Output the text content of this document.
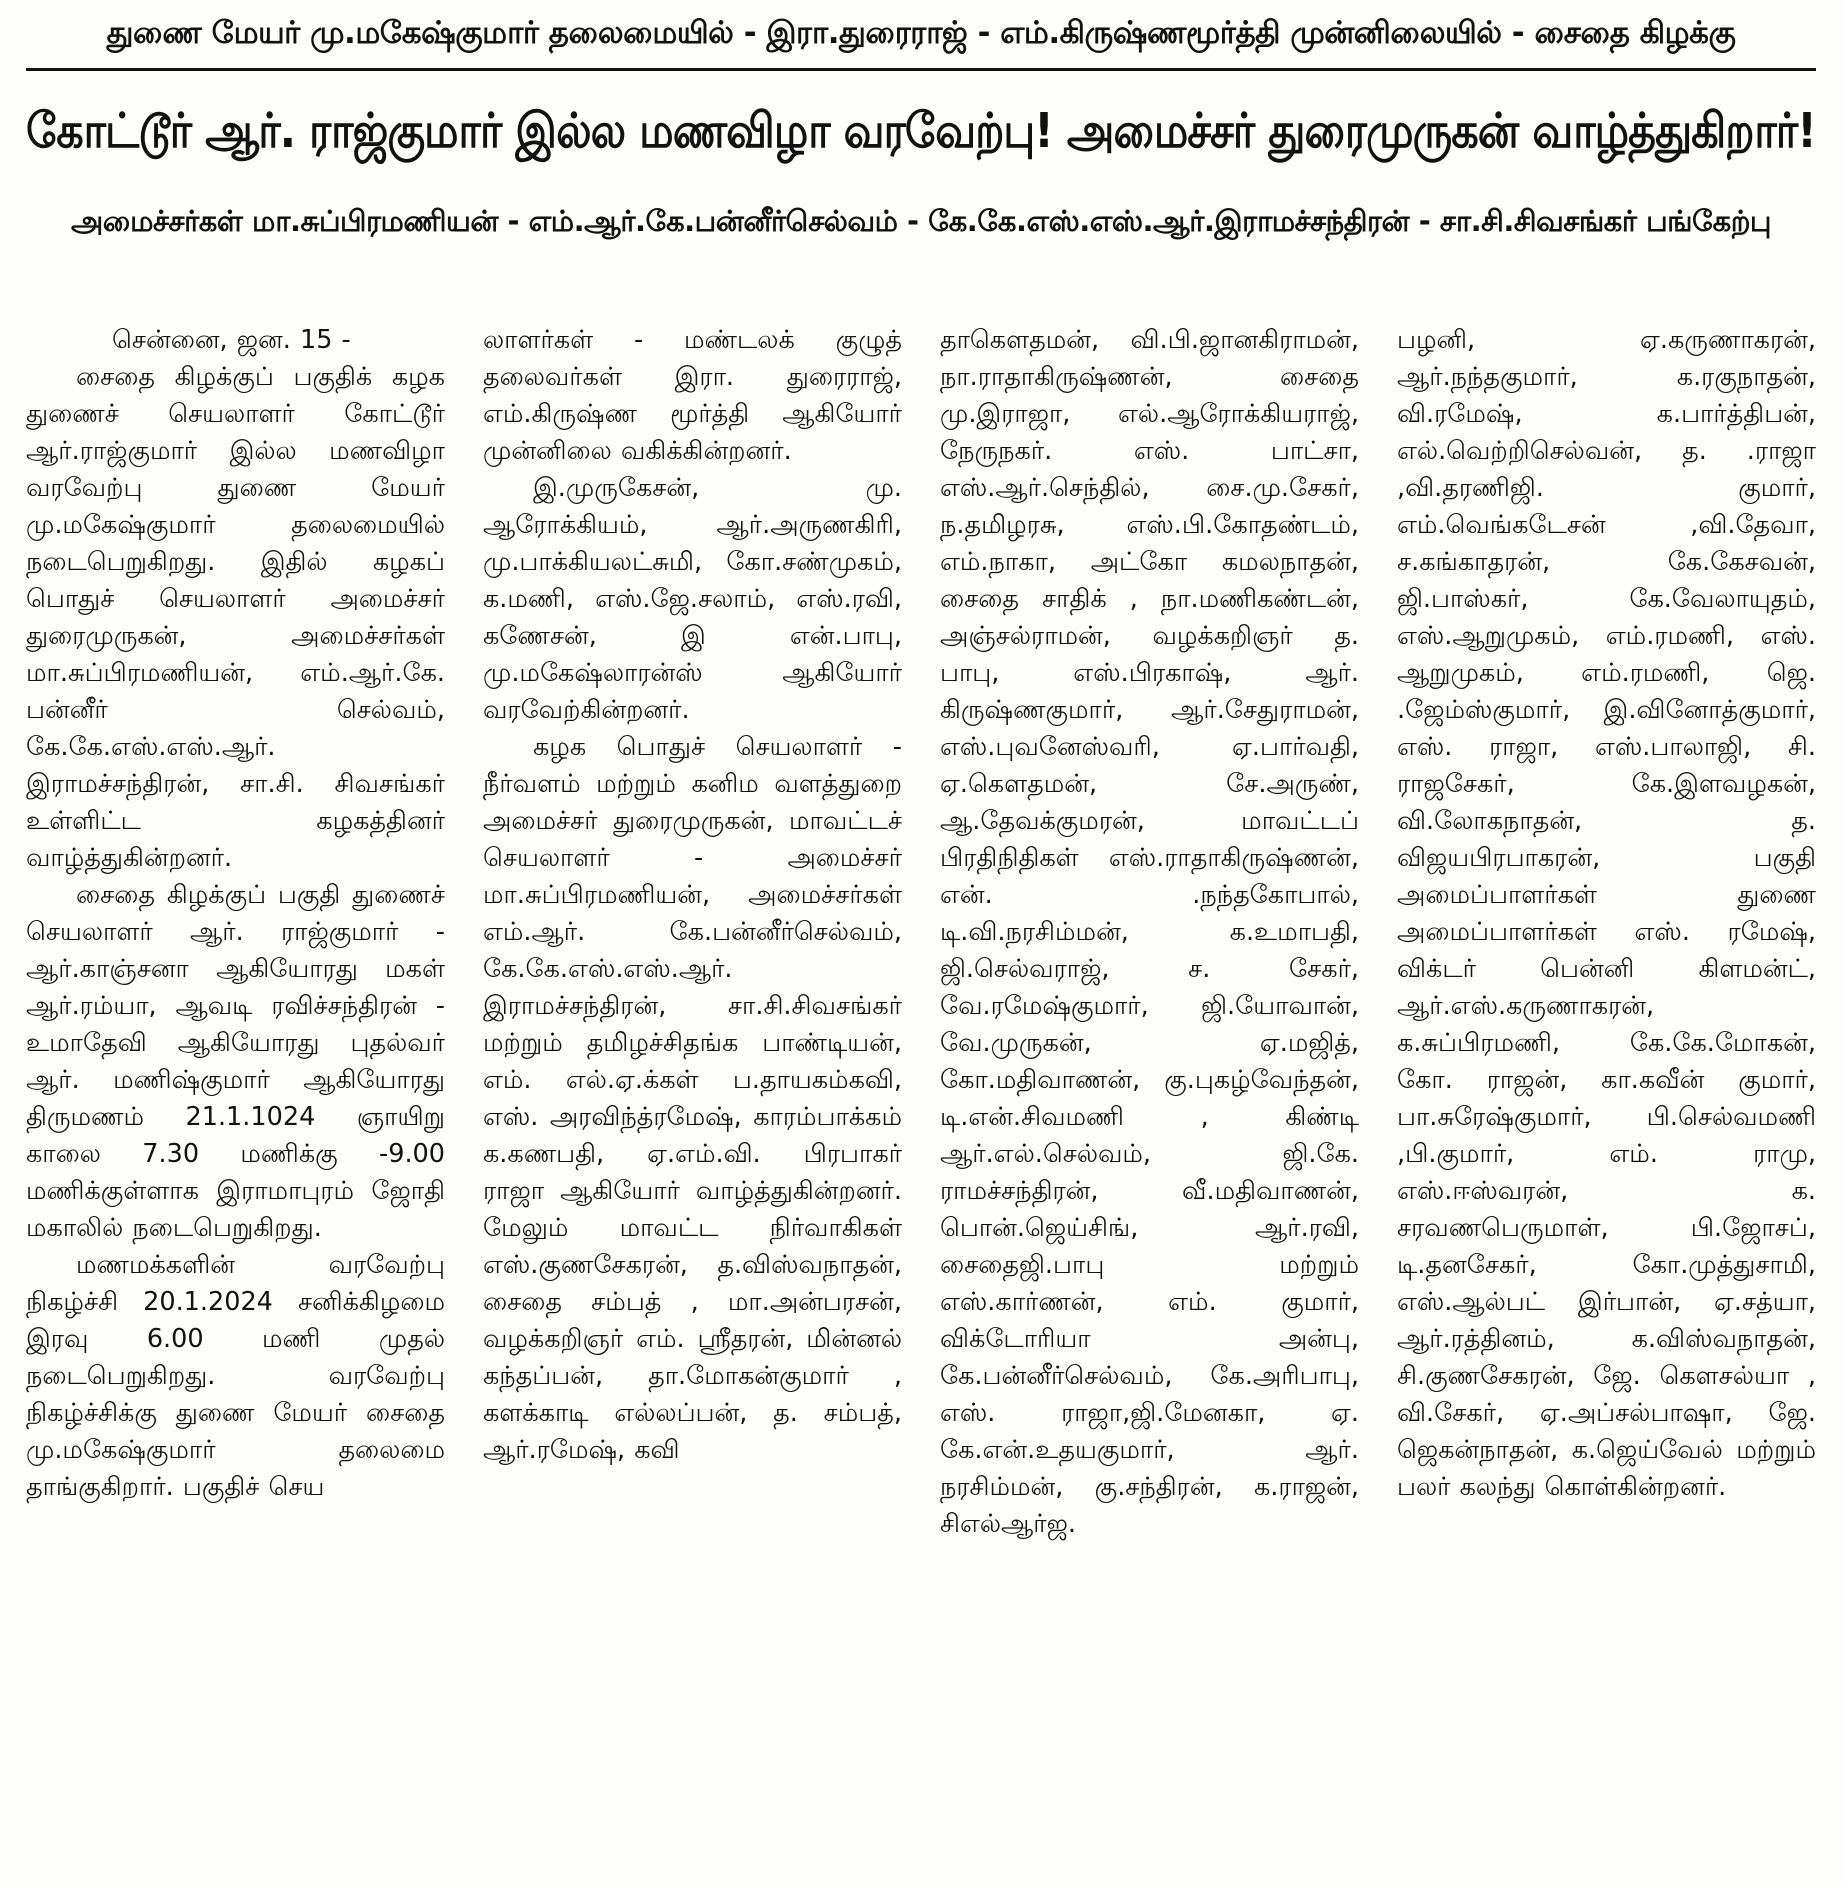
துணை மேயர் மு.மகேஷ்குமார் தலைமையில் - இரா.துரைராஜ் - எம்.கிருஷ்ணமூர்த்தி முன்னிலையில் - சைதை கிழக்கு
கோட்டூர் ஆர். ராஜ்குமார் இல்ல மணவிழா வரவேற்பு! அமைச்சர் துரைமுருகன் வாழ்த்துகிறார்!
அமைச்சர்கள் மா.சுப்பிரமணியன் - எம்.ஆர்.கே.பன்னீர்செல்வம் - கே.கே.எஸ்.எஸ்.ஆர்.இராமச்சந்திரன் - சா.சி.சிவசங்கர் பங்கேற்பு

சென்னை, ஜன. 15 -

சைதை கிழக்குப் பகுதிக் கழக துணைச் செயலாளர் கோட்டூர் ஆர்.ராஜ்குமார் இல்ல மணவிழா வரவேற்பு துணை மேயர் மு.மகேஷ்குமார் தலைமையில் நடைபெறுகிறது. இதில் கழகப் பொதுச் செயலாளர் அமைச்சர் துரைமுருகன், அமைச்சர்கள் மா.சுப்பிரமணியன், எம்.ஆர்.கே. பன்னீர் செல்வம், கே.கே.எஸ்.எஸ்.ஆர். இராமச்சந்திரன், சா.சி. சிவசங்கர் உள்ளிட்ட கழகத்தினர் வாழ்த்துகின்றனர்.

சைதை கிழக்குப் பகுதி துணைச் செயலாளர் ஆர். ராஜ்குமார் - ஆர்.காஞ்சனா ஆகியோரது மகள் ஆர்.ரம்யா, ஆவடி ரவிச்சந்திரன் - உமாதேவி ஆகியோரது புதல்வர் ஆர். மணிஷ்குமார் ஆகியோரது திருமணம் 21.1.1024 ஞாயிறு காலை 7.30 மணிக்கு -9.00 மணிக்குள்ளாக இராமாபுரம் ஜோதி மகாலில் நடைபெறுகிறது.

மணமக்களின் வரவேற்பு நிகழ்ச்சி 20.1.2024 சனிக்கிழமை இரவு 6.00 மணி முதல் நடைபெறுகிறது. வரவேற்பு நிகழ்ச்சிக்கு துணை மேயர் சைதை மு.மகேஷ்குமார் தலைமை தாங்குகிறார். பகுதிச் செய

லாளர்கள் - மண்டலக் குழுத் தலைவர்கள் இரா. துரைராஜ், எம்.கிருஷ்ண மூர்த்தி ஆகியோர் முன்னிலை வகிக்கின்றனர்.

இ.முருகேசன், மு. ஆரோக்கியம், ஆர்.அருணகிரி, மு.பாக்கியலட்சுமி, கோ.சண்முகம், க.மணி, எஸ்.ஜே.சலாம், எஸ்.ரவி, கணேசன், இ என்.பாபு, மு.மகேஷ்லாரன்ஸ் ஆகியோர் வரவேற்கின்றனர்.

கழக பொதுச் செயலாளர் - நீர்வளம் மற்றும் கனிம வளத்துறை அமைச்சர் துரைமுருகன், மாவட்டச் செயலாளர் - அமைச்சர் மா.சுப்பிரமணியன், அமைச்சர்கள் எம்.ஆர். கே.பன்னீர்செல்வம், கே.கே.எஸ்.எஸ்.ஆர். இராமச்சந்திரன், சா.சி.சிவசங்கர் மற்றும் தமிழச்சிதங்க பாண்டியன், எம். எல்.ஏ.க்கள் ப.தாயகம்கவி, எஸ். அரவிந்த்ரமேஷ், காரம்பாக்கம் க.கணபதி, ஏ.எம்.வி. பிரபாகர் ராஜா ஆகியோர் வாழ்த்துகின்றனர். மேலும் மாவட்ட நிர்வாகிகள் எஸ்.குணசேகரன், த.விஸ்வநாதன், சைதை சம்பத் , மா.அன்பரசன், வழக்கறிஞர் எம். ஸ்ரீதரன், மின்னல் கந்தப்பன், தா.மோகன்குமார் , களக்காடி எல்லப்பன், த. சம்பத், ஆர்.ரமேஷ், கவி

தாகௌதமன், வி.பி.ஜானகிராமன், நா.ராதாகிருஷ்ணன், சைதை மு.இராஜா, எல்.ஆரோக்கியராஜ், நேருநகர். எஸ். பாட்சா, எஸ்.ஆர்.செந்தில், சை.மு.சேகர், ந.தமிழரசு, எஸ்.பி.கோதண்டம், எம்.நாகா, அட்கோ கமலநாதன், சைதை சாதிக் , நா.மணிகண்டன், அஞ்சல்ராமன், வழக்கறிஞர் த. பாபு, எஸ்.பிரகாஷ், ஆர். கிருஷ்ணகுமார், ஆர்.சேதுராமன், எஸ்.புவனேஸ்வரி, ஏ.பார்வதி, ஏ.கௌதமன், சே.அருண், ஆ.தேவக்குமரன், மாவட்டப் பிரதிநிதிகள் எஸ்.ராதாகிருஷ்ணன், என். .நந்தகோபால், டி.வி.நரசிம்மன், க.உமாபதி, ஜி.செல்வராஜ், ச. சேகர், வே.ரமேஷ்குமார், ஜி.யோவான், வே.முருகன், ஏ.மஜித், கோ.மதிவாணன், கு.புகழ்வேந்தன், டி.என்.சிவமணி , கிண்டி ஆர்.எல்.செல்வம், ஜி.கே. ராமச்சந்திரன், வீ.மதிவாணன், பொன்.ஜெய்சிங், ஆர்.ரவி, சைதைஜி.பாபு மற்றும் எஸ்.கார்ணன், எம். குமார், விக்டோரியா அன்பு, கே.பன்னீர்செல்வம், கே.அரிபாபு, எஸ். ராஜா,ஜி.மேனகா, ஏ. கே.என்.உதயகுமார், ஆர். நரசிம்மன், கு.சந்திரன், க.ராஜன், சிஎல்ஆர்ஜ.

பழனி, ஏ.கருணாகரன், ஆர்.நந்தகுமார், க.ரகுநாதன், வி.ரமேஷ், க.பார்த்திபன், எல்.வெற்றிசெல்வன், த. .ராஜா ,வி.தரணிஜி. குமார், எம்.வெங்கடேசன் ,வி.தேவா, ச.கங்காதரன், கே.கேசவன், ஜி.பாஸ்கர், கே.வேலாயுதம், எஸ்.ஆறுமுகம், எம்.ரமணி, எஸ். ஆறுமுகம், எம்.ரமணி, ஜெ. .ஜேம்ஸ்குமார், இ.வினோத்குமார், எஸ். ராஜா, எஸ்.பாலாஜி, சி. ராஜசேகர், கே.இளவழகன், வி.லோகநாதன், த. விஜயபிரபாகரன், பகுதி அமைப்பாளர்கள் துணை அமைப்பாளர்கள் எஸ். ரமேஷ், விக்டர் பென்னி கிளமன்ட், ஆர்.எஸ்.கருணாகரன், க.சுப்பிரமணி, கே.கே.மோகன், கோ. ராஜன், கா.கவீன் குமார், பா.சுரேஷ்குமார், பி.செல்வமணி ,பி.குமார், எம். ராமு, எஸ்.ஈஸ்வரன், க. சரவணபெருமாள், பி.ஜோசப், டி.தனசேகர், கோ.முத்துசாமி, எஸ்.ஆல்பட் இர்பான், ஏ.சத்யா, ஆர்.ரத்தினம், க.விஸ்வநாதன், சி.குணசேகரன், ஜே. கௌசல்யா , வி.சேகர், ஏ.அப்சல்பாஷா, ஜே. ஜெகன்நாதன், க.ஜெய்வேல் மற்றும் பலர் கலந்து கொள்கின்றனர்.
